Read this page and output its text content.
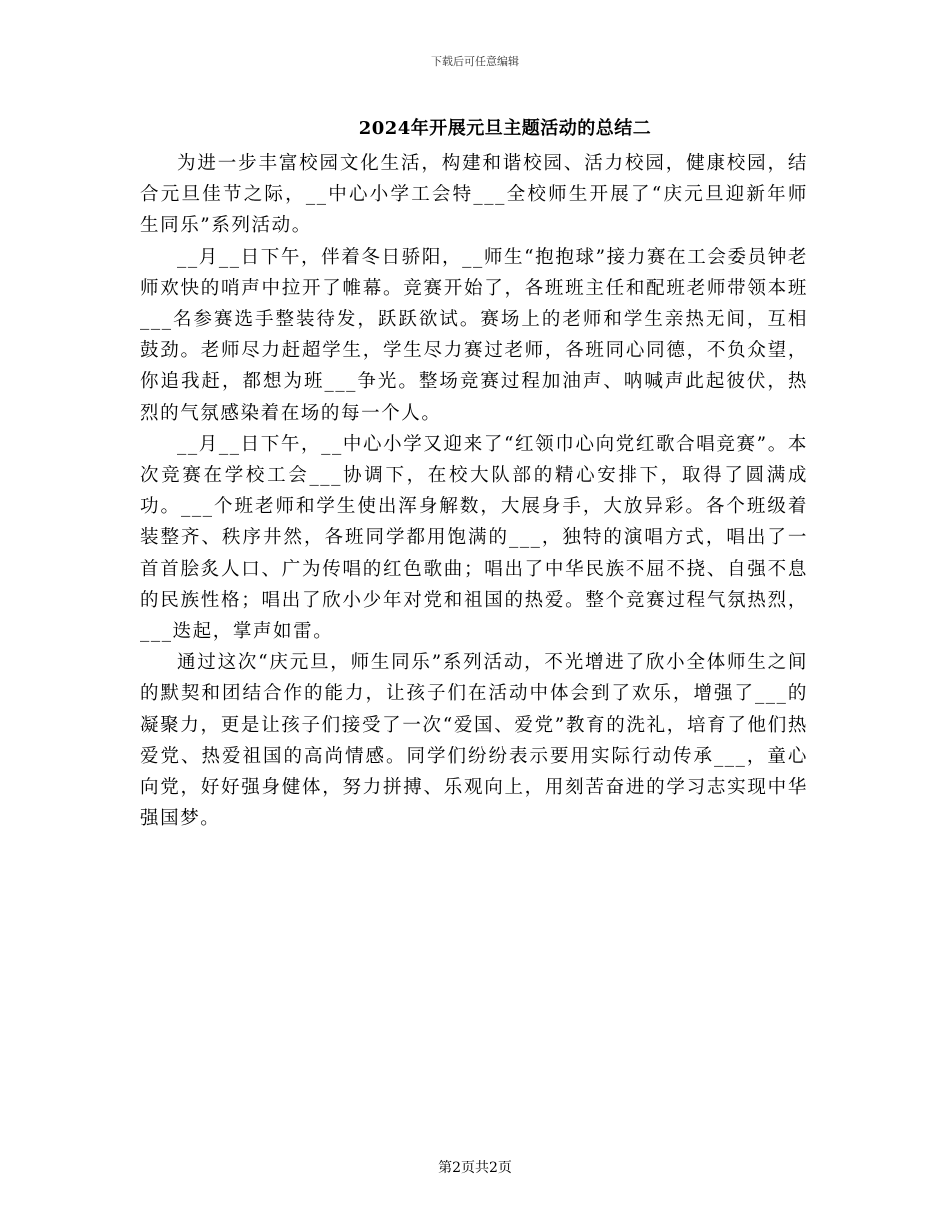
下载后可任意编辑
2024年开展元旦主题活动的总结二

为进一步丰富校园文化生活，构建和谐校园、活力校园，健康校园，结合元旦佳节之际，__中心小学工会特___全校师生开展了“庆元旦迎新年师生同乐”系列活动。

__月__日下午，伴着冬日骄阳，__师生“抱抱球”接力赛在工会委员钟老师欢快的哨声中拉开了帷幕。竞赛开始了，各班班主任和配班老师带领本班___名参赛选手整装待发，跃跃欲试。赛场上的老师和学生亲热无间，互相鼓劲。老师尽力赶超学生，学生尽力赛过老师，各班同心同德，不负众望，你追我赶，都想为班___争光。整场竞赛过程加油声、呐喊声此起彼伏，热烈的气氛感染着在场的每一个人。

__月__日下午，__中心小学又迎来了“红领巾心向党红歌合唱竞赛”。本次竞赛在学校工会___协调下，在校大队部的精心安排下，取得了圆满成功。___个班老师和学生使出浑身解数，大展身手，大放异彩。各个班级着装整齐、秩序井然，各班同学都用饱满的___，独特的演唱方式，唱出了一首首脍炙人口、广为传唱的红色歌曲；唱出了中华民族不屈不挠、自强不息的民族性格；唱出了欣小少年对党和祖国的热爱。整个竞赛过程气氛热烈，___迭起，掌声如雷。

通过这次“庆元旦，师生同乐”系列活动，不光增进了欣小全体师生之间的默契和团结合作的能力，让孩子们在活动中体会到了欢乐，增强了___的凝聚力，更是让孩子们接受了一次“爱国、爱党”教育的洗礼，培育了他们热爱党、热爱祖国的高尚情感。同学们纷纷表示要用实际行动传承___，童心向党，好好强身健体，努力拼搏、乐观向上，用刻苦奋进的学习志实现中华强国梦。

第2页共2页
